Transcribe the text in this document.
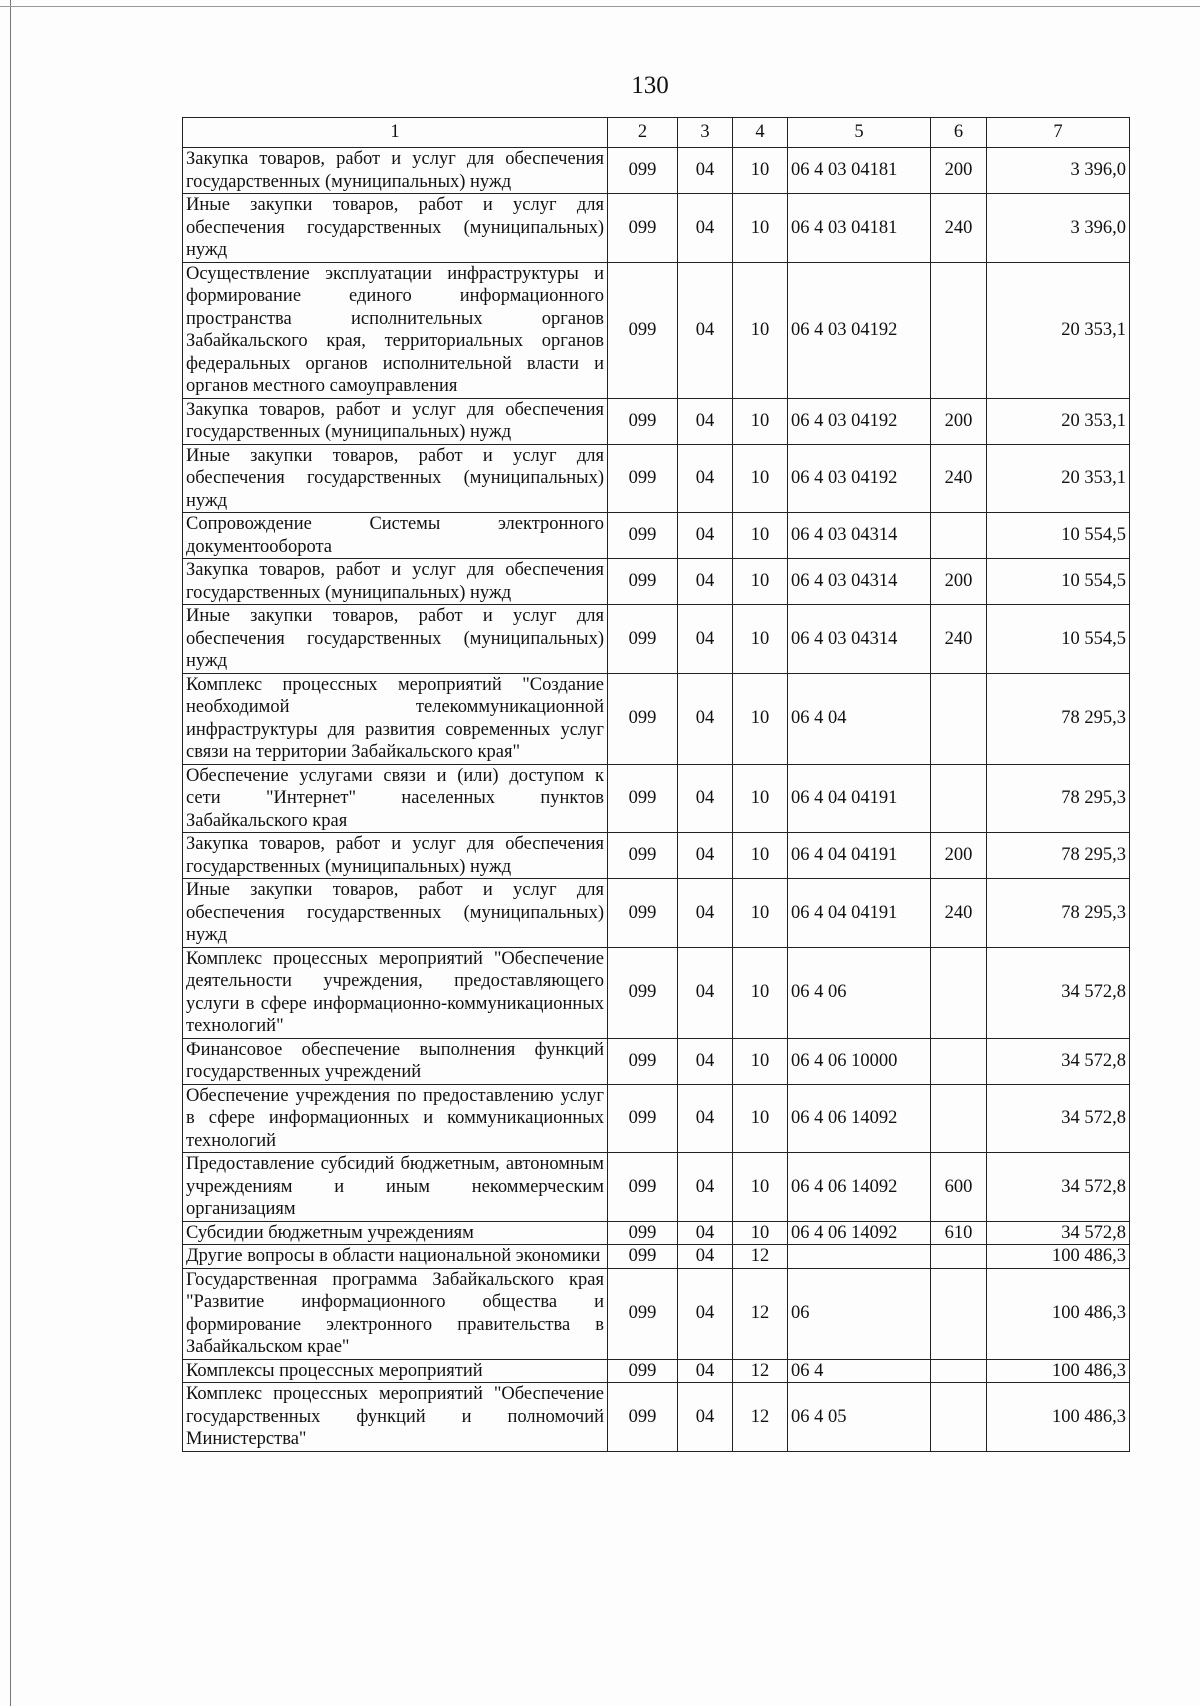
130
1	2	3	4	5	6	7
Закупка товаров, работ и услуг для обеспечения государственных (муниципальных) нужд	099	04	10	06 4 03 04181	200	3 396,0
Иные закупки товаров, работ и услуг для обеспечения государственных (муниципальных) нужд	099	04	10	06 4 03 04181	240	3 396,0
Осуществление эксплуатации инфраструктуры и формирование единого информационного пространства исполнительных органов Забайкальского края, территориальных органов федеральных органов исполнительной власти и органов местного самоуправления	099	04	10	06 4 03 04192		20 353,1
Закупка товаров, работ и услуг для обеспечения государственных (муниципальных) нужд	099	04	10	06 4 03 04192	200	20 353,1
Иные закупки товаров, работ и услуг для обеспечения государственных (муниципальных) нужд	099	04	10	06 4 03 04192	240	20 353,1
Сопровождение Системы электронного документооборота	099	04	10	06 4 03 04314		10 554,5
Закупка товаров, работ и услуг для обеспечения государственных (муниципальных) нужд	099	04	10	06 4 03 04314	200	10 554,5
Иные закупки товаров, работ и услуг для обеспечения государственных (муниципальных) нужд	099	04	10	06 4 03 04314	240	10 554,5
Комплекс процессных мероприятий "Создание необходимой телекоммуникационной инфраструктуры для развития современных услуг связи на территории Забайкальского края"	099	04	10	06 4 04		78 295,3
Обеспечение услугами связи и (или) доступом к сети "Интернет" населенных пунктов Забайкальского края	099	04	10	06 4 04 04191		78 295,3
Закупка товаров, работ и услуг для обеспечения государственных (муниципальных) нужд	099	04	10	06 4 04 04191	200	78 295,3
Иные закупки товаров, работ и услуг для обеспечения государственных (муниципальных) нужд	099	04	10	06 4 04 04191	240	78 295,3
Комплекс процессных мероприятий "Обеспечение деятельности учреждения, предоставляющего услуги в сфере информационно-коммуникационных технологий"	099	04	10	06 4 06		34 572,8
Финансовое обеспечение выполнения функций государственных учреждений	099	04	10	06 4 06 10000		34 572,8
Обеспечение учреждения по предоставлению услуг в сфере информационных и коммуникационных технологий	099	04	10	06 4 06 14092		34 572,8
Предоставление субсидий бюджетным, автономным учреждениям и иным некоммерческим организациям	099	04	10	06 4 06 14092	600	34 572,8
Субсидии бюджетным учреждениям	099	04	10	06 4 06 14092	610	34 572,8
Другие вопросы в области национальной экономики	099	04	12			100 486,3
Государственная программа Забайкальского края "Развитие информационного общества и формирование электронного правительства в Забайкальском крае"	099	04	12	06		100 486,3
Комплексы процессных мероприятий	099	04	12	06 4		100 486,3
Комплекс процессных мероприятий "Обеспечение государственных функций и полномочий Министерства"	099	04	12	06 4 05		100 486,3
